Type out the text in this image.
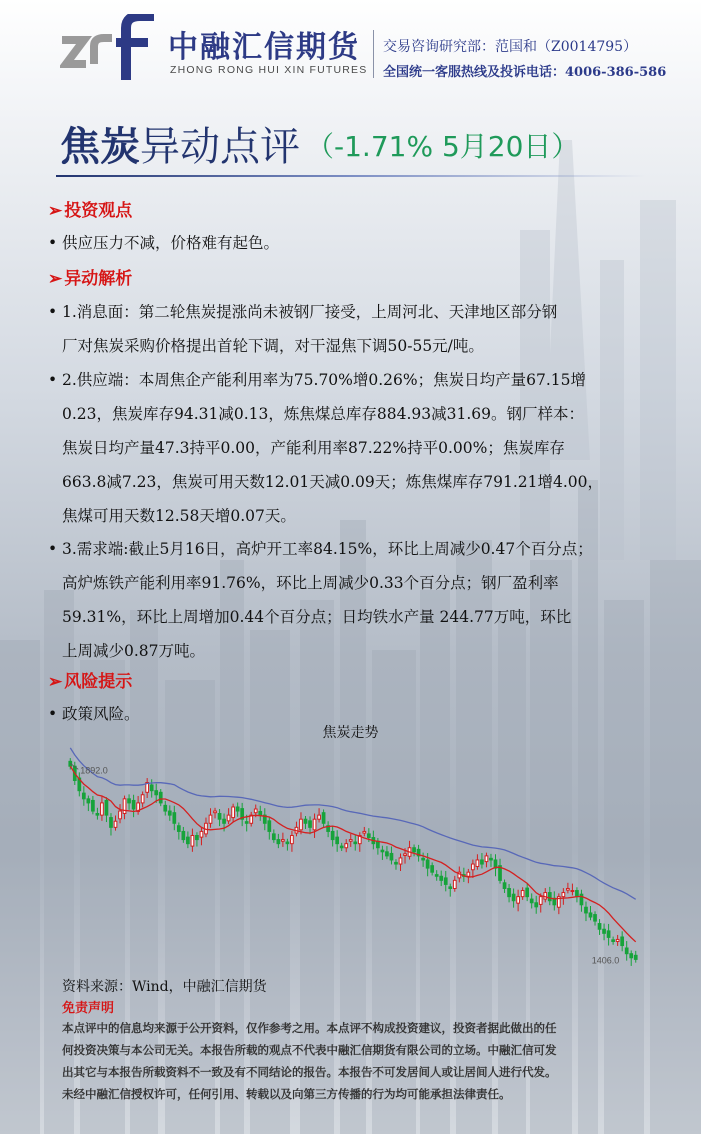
中融汇信期货
ZHONG RONG HUI XIN FUTURES
交易咨询研究部：范国和（Z0014795）
全国统一客服热线及投诉电话：4006-386-586
焦炭异动点评 （-1.71% 5月20日）
➢ 投资观点
• 供应压力不减，价格难有起色。
➢ 异动解析
• 1.消息面：第二轮焦炭提涨尚未被钢厂接受，上周河北、天津地区部分钢
厂对焦炭采购价格提出首轮下调，对干湿焦下调50-55元/吨。
• 2.供应端：本周焦企产能利用率为75.70%增0.26%；焦炭日均产量67.15增
0.23，焦炭库存94.31减0.13，炼焦煤总库存884.93减31.69。钢厂样本：
焦炭日均产量47.3持平0.00，产能利用率87.22%持平0.00%；焦炭库存
663.8减7.23，焦炭可用天数12.01天减0.09天；炼焦煤库存791.21增4.00，
焦煤可用天数12.58天增0.07天。
• 3.需求端:截止5月16日，高炉开工率84.15%，环比上周减少0.47个百分点；
高炉炼铁产能利用率91.76%，环比上周减少0.33个百分点；钢厂盈利率
59.31%，环比上周增加0.44个百分点；日均铁水产量 244.77万吨，环比
上周减少0.87万吨。
➢ 风险提示
• 政策风险。
焦炭走势
1892.0
1406.0
资料来源：Wind，中融汇信期货
免责声明
本点评中的信息均来源于公开资料，仅作参考之用。本点评不构成投资建议，投资者据此做出的任
何投资决策与本公司无关。本报告所载的观点不代表中融汇信期货有限公司的立场。中融汇信可发
出其它与本报告所载资料不一致及有不同结论的报告。本报告不可发居间人或让居间人进行代发。
未经中融汇信授权许可，任何引用、转载以及向第三方传播的行为均可能承担法律责任。
